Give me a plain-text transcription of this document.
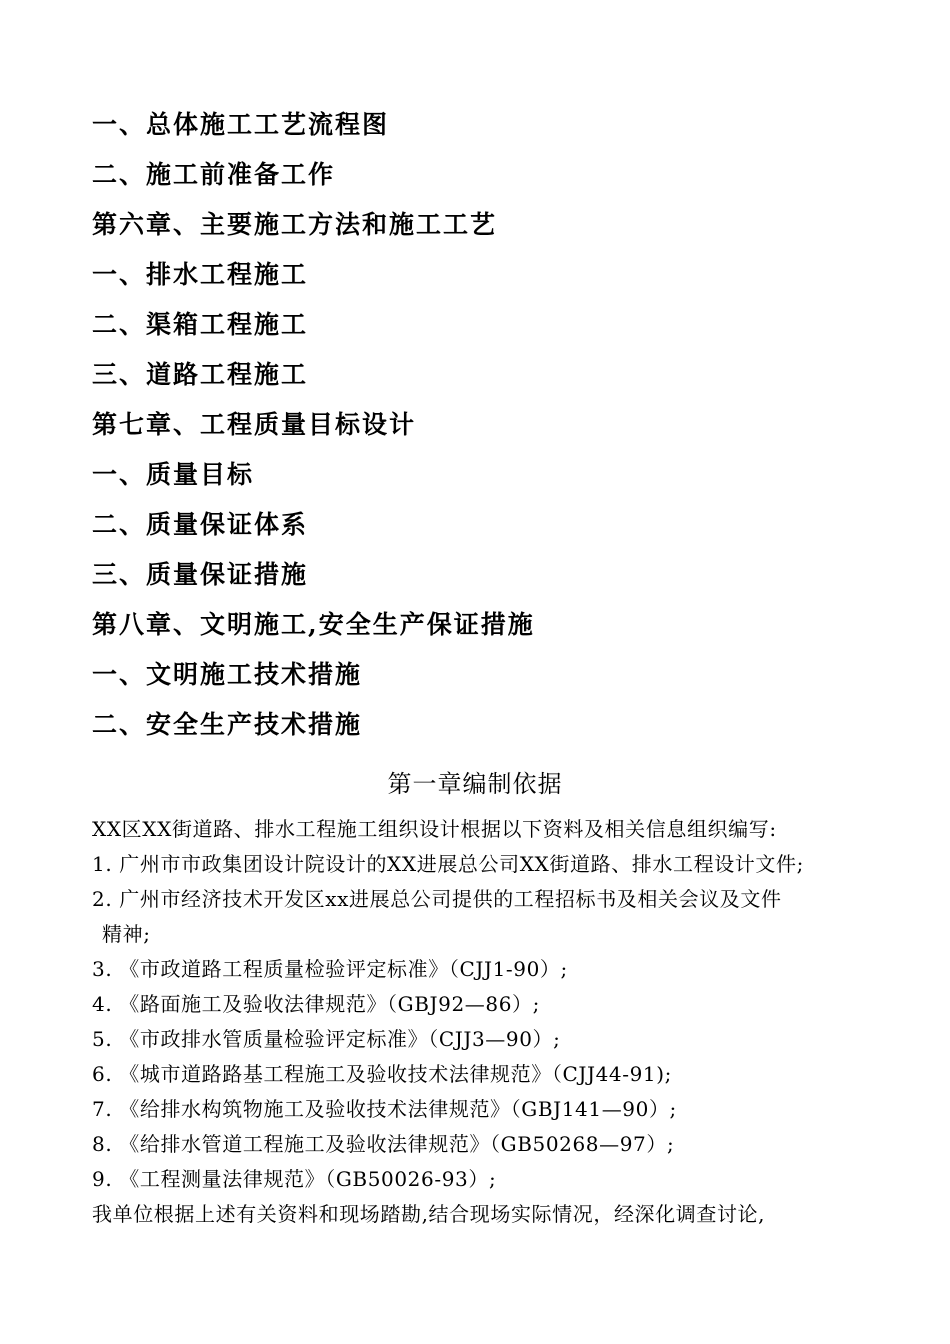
一、总体施工工艺流程图
二、施工前准备工作
第六章、主要施工方法和施工工艺
一、排水工程施工
二、渠箱工程施工
三、道路工程施工
第七章、工程质量目标设计
一、质量目标
二、质量保证体系
三、质量保证措施
第八章、文明施工,安全生产保证措施
一、文明施工技术措施
二、安全生产技术措施
第一章编制依据
XX区XX街道路、排水工程施工组织设计根据以下资料及相关信息组织编写:
1. 广州市市政集团设计院设计的XX进展总公司XX街道路、排水工程设计文件;
2. 广州市经济技术开发区xx进展总公司提供的工程招标书及相关会议及文件
精神;
3. 《市政道路工程质量检验评定标准》（CJJ1-90）;
4. 《路面施工及验收法律规范》（GBJ92—86）;
5. 《市政排水管质量检验评定标准》（CJJ3—90）;
6. 《城市道路路基工程施工及验收技术法律规范》（CJJ44-91);
7. 《给排水构筑物施工及验收技术法律规范》（GBJ141—90）;
8. 《给排水管道工程施工及验收法律规范》（GB50268—97）;
9. 《工程测量法律规范》（GB50026-93）;
我单位根据上述有关资料和现场踏勘,结合现场实际情况，经深化调查讨论,
